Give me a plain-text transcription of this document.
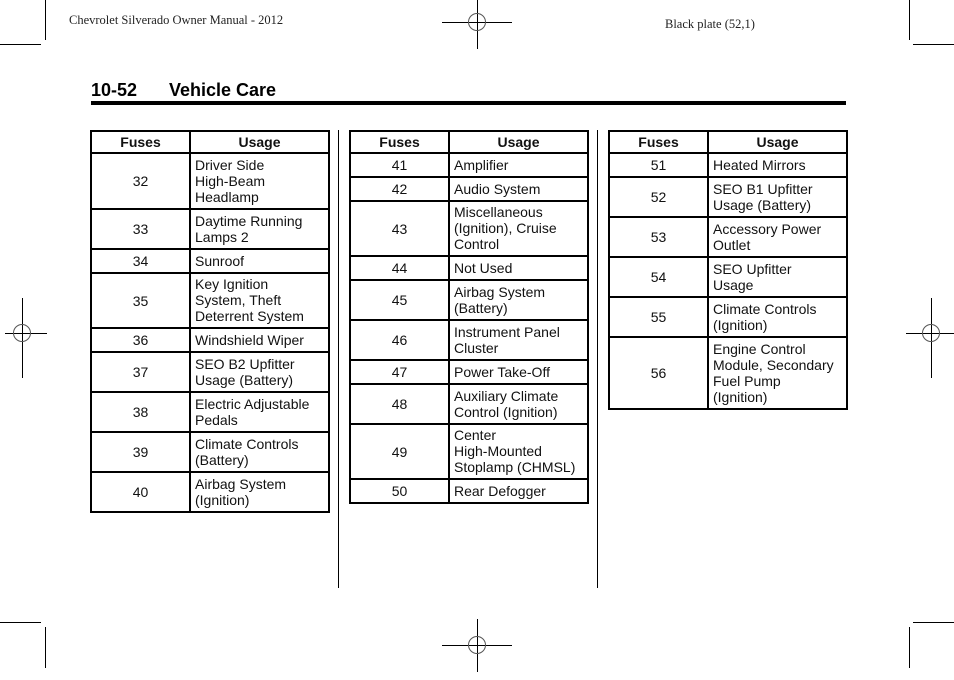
Chevrolet Silverado Owner Manual - 2012	Black plate (52,1)
10-52 Vehicle Care
Fuses	Usage
32	Driver Side
High-Beam
Headlamp
33	Daytime Running
Lamps 2
34	Sunroof
35	Key Ignition
System, Theft
Deterrent System
36	Windshield Wiper
37	SEO B2 Upfitter
Usage (Battery)
38	Electric Adjustable
Pedals
39	Climate Controls
(Battery)
40	Airbag System
(Ignition)
Fuses	Usage
41	Amplifier
42	Audio System
43	Miscellaneous
(Ignition), Cruise
Control
44	Not Used
45	Airbag System
(Battery)
46	Instrument Panel
Cluster
47	Power Take-Off
48	Auxiliary Climate
Control (Ignition)
49	Center
High-Mounted
Stoplamp (CHMSL)
50	Rear Defogger
Fuses	Usage
51	Heated Mirrors
52	SEO B1 Upfitter
Usage (Battery)
53	Accessory Power
Outlet
54	SEO Upfitter
Usage
55	Climate Controls
(Ignition)
56	Engine Control
Module, Secondary
Fuel Pump
(Ignition)
